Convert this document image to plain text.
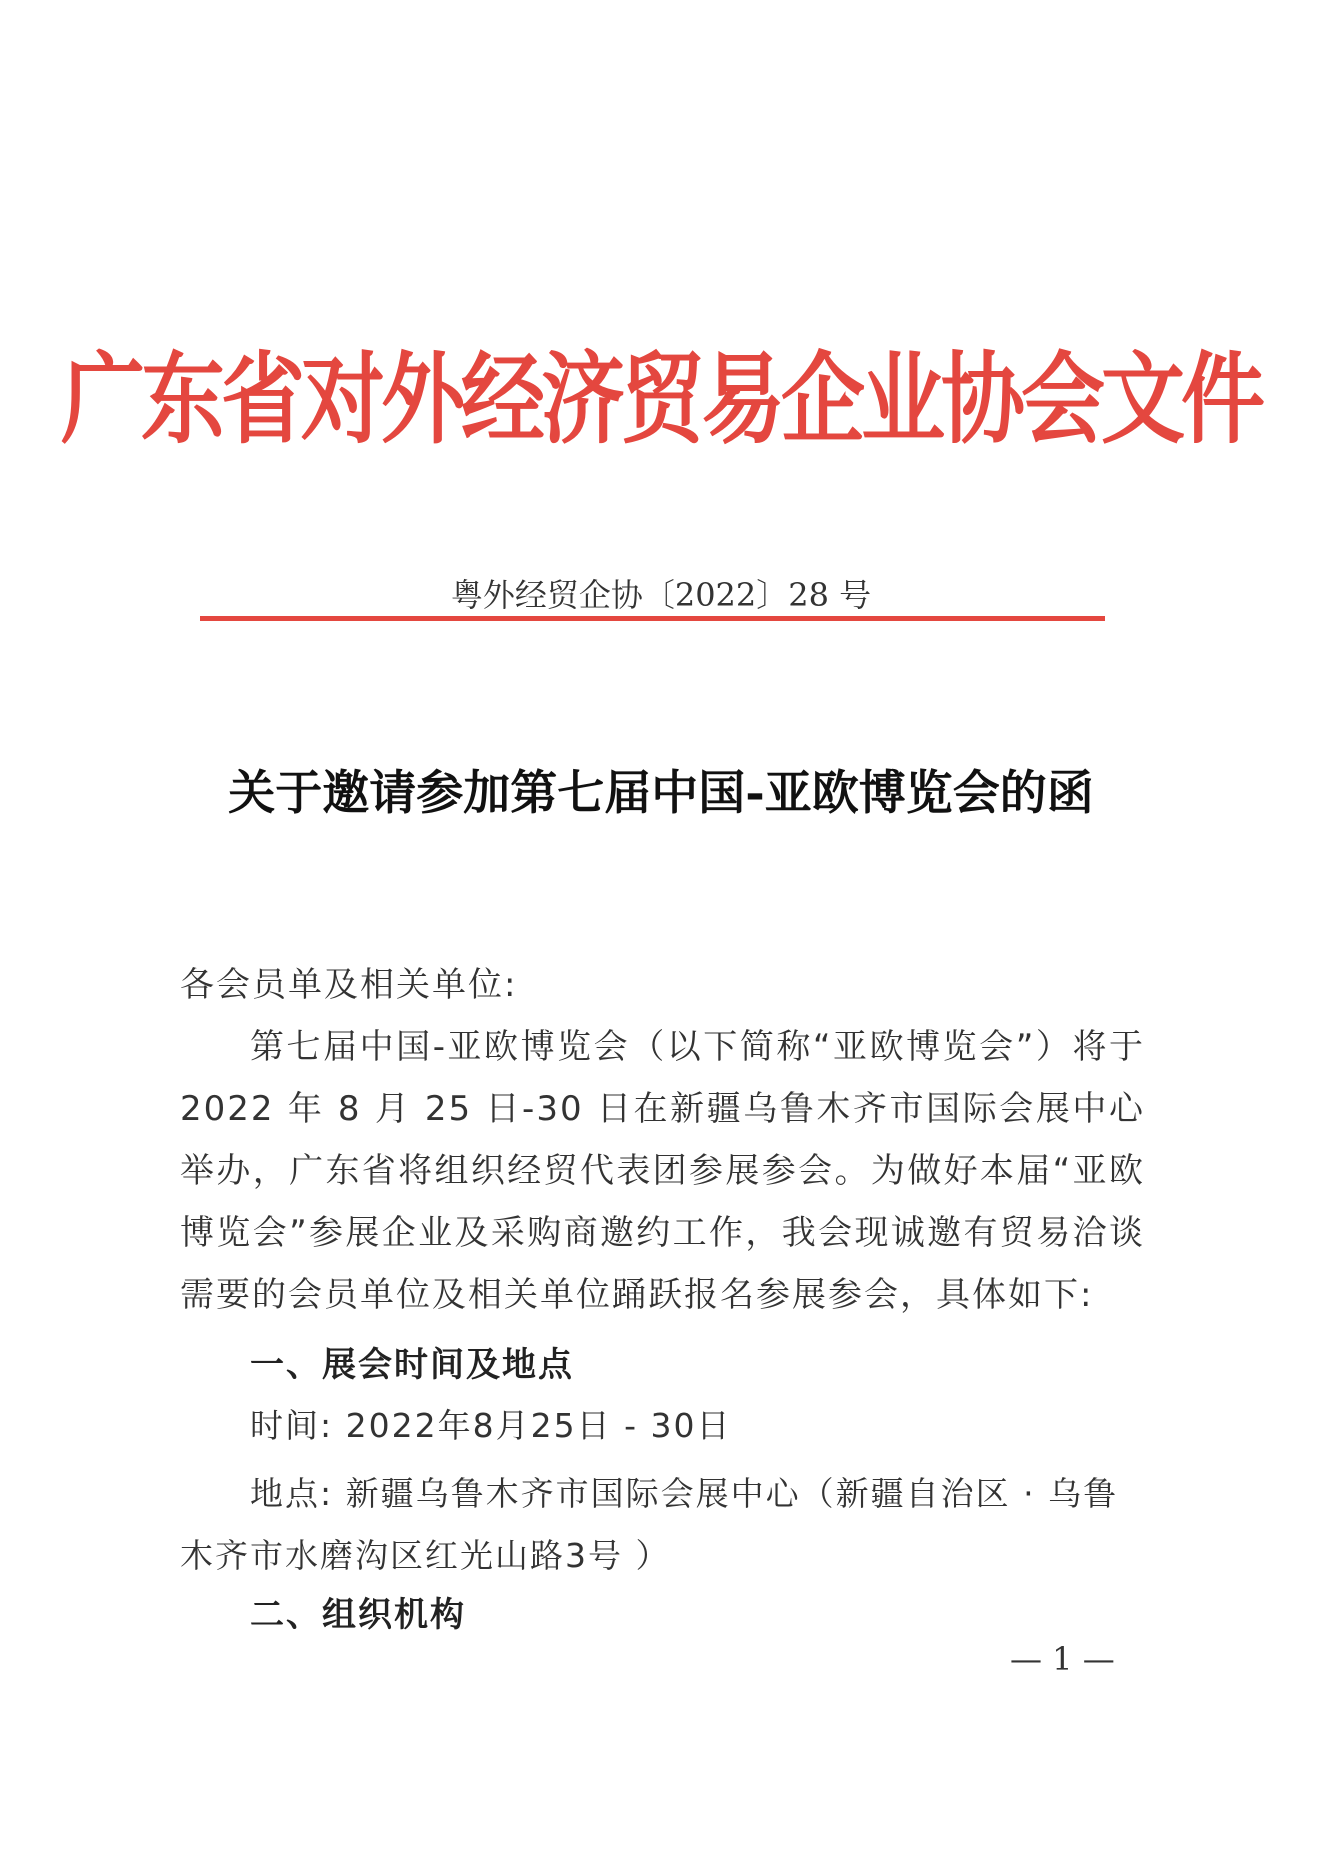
广东省对外经济贸易企业协会文件
粤外经贸企协〔2022〕28 号
关于邀请参加第七届中国-亚欧博览会的函
各会员单及相关单位:
第七届中国-亚欧博览会（以下简称“亚欧博览会”）将于 2022 年 8 月 25 日-30 日在新疆乌鲁木齐市国际会展中心举办，广东省将组织经贸代表团参展参会。为做好本届“亚欧博览会”参展企业及采购商邀约工作，我会现诚邀有贸易洽谈需要的会员单位及相关单位踊跃报名参展参会，具体如下:
一、展会时间及地点
时间: 2022年8月25日 - 30日
地点: 新疆乌鲁木齐市国际会展中心（新疆自治区 · 乌鲁木齐市水磨沟区红光山路3号 ）
二、组织机构
— 1 —
